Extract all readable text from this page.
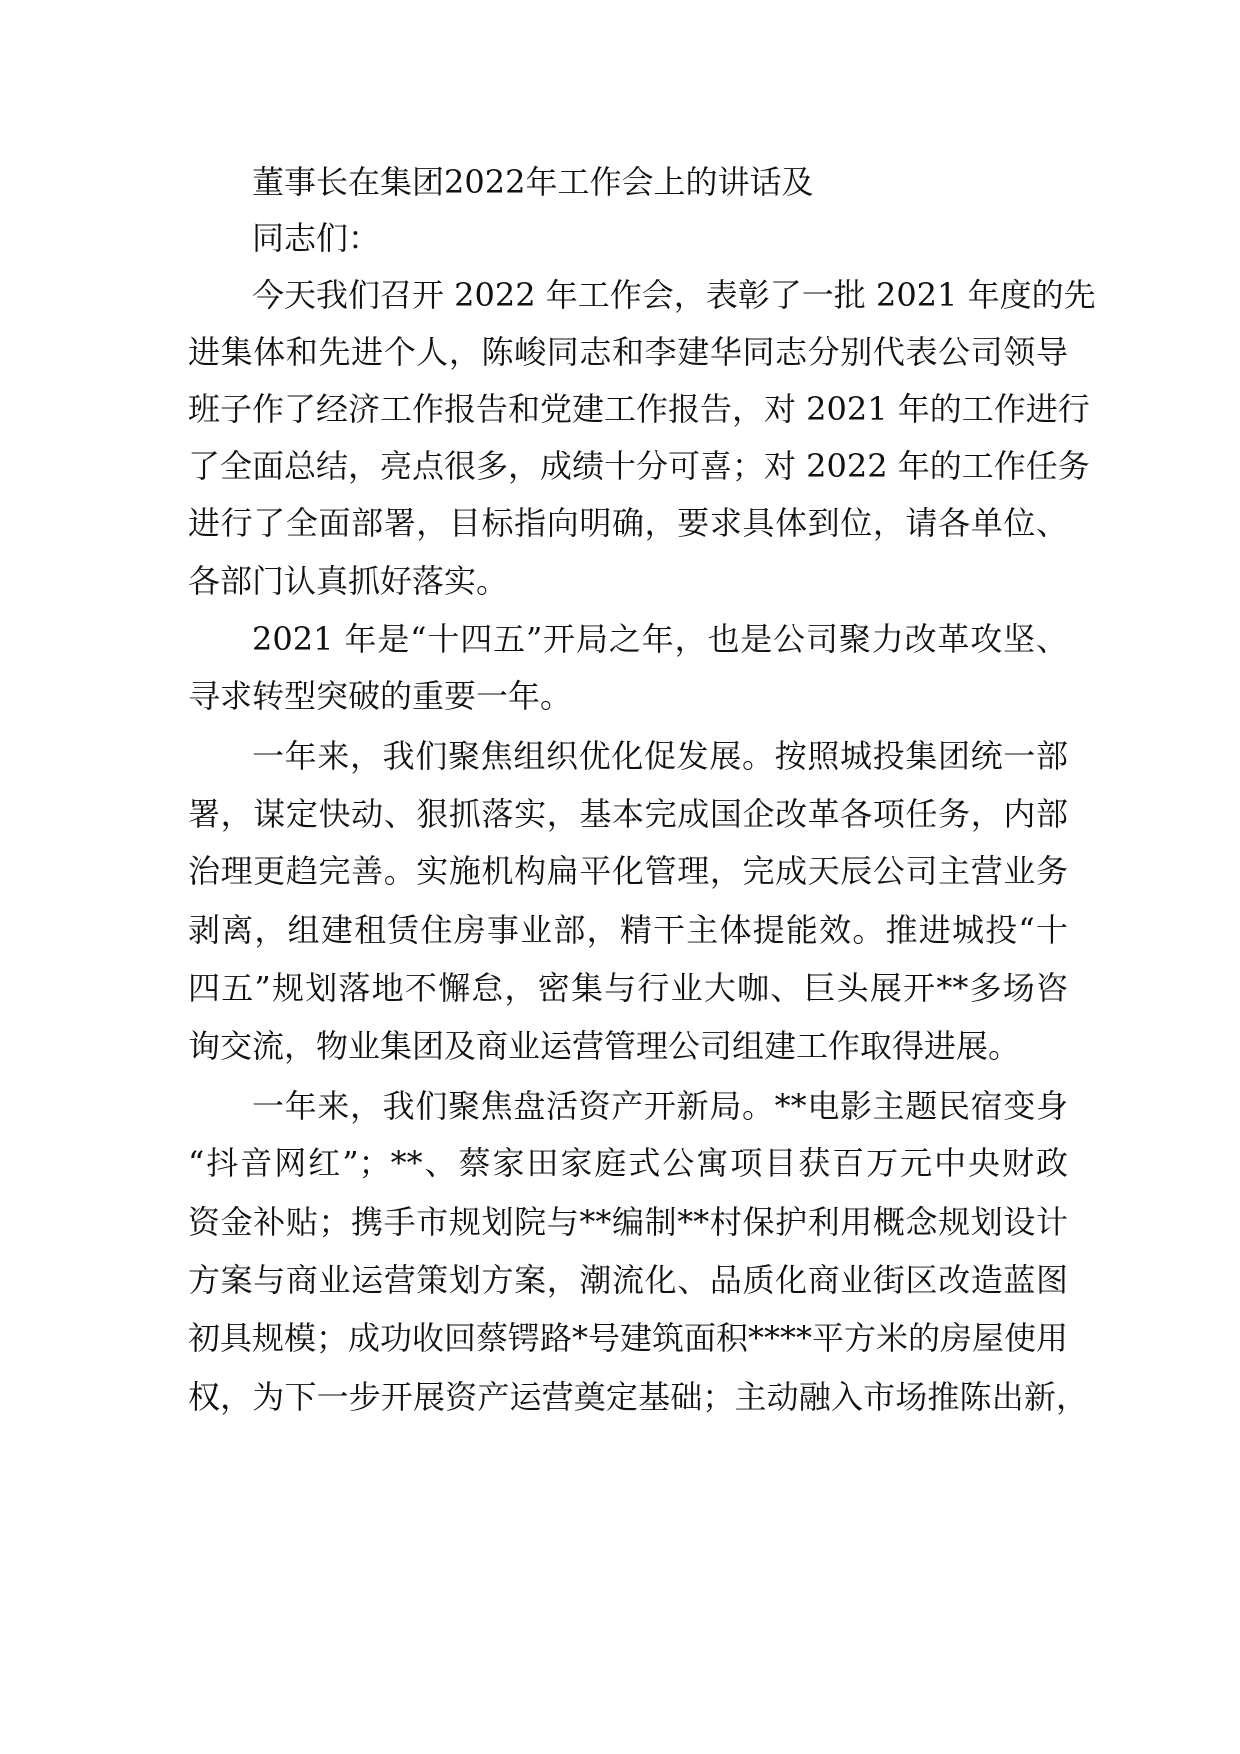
董事长在集团2022年工作会上的讲话及
同志们：
今天我们召开 2022 年工作会，表彰了一批 2021 年度的先
进集体和先进个人，陈峻同志和李建华同志分别代表公司领导
班子作了经济工作报告和党建工作报告，对 2021 年的工作进行
了全面总结，亮点很多，成绩十分可喜；对 2022 年的工作任务
进行了全面部署，目标指向明确，要求具体到位，请各单位、
各部门认真抓好落实。
2021 年是“十四五”开局之年，也是公司聚力改革攻坚、
寻求转型突破的重要一年。
一年来，我们聚焦组织优化促发展。按照城投集团统一部
署，谋定快动、狠抓落实，基本完成国企改革各项任务，内部
治理更趋完善。实施机构扁平化管理，完成天辰公司主营业务
剥离，组建租赁住房事业部，精干主体提能效。推进城投“十
四五”规划落地不懈怠，密集与行业大咖、巨头展开**多场咨
询交流，物业集团及商业运营管理公司组建工作取得进展。
一年来，我们聚焦盘活资产开新局。**电影主题民宿变身
“抖音网红”；**、蔡家田家庭式公寓项目获百万元中央财政
资金补贴；携手市规划院与**编制**村保护利用概念规划设计
方案与商业运营策划方案，潮流化、品质化商业街区改造蓝图
初具规模；成功收回蔡锷路*号建筑面积****平方米的房屋使用
权，为下一步开展资产运营奠定基础；主动融入市场推陈出新，
